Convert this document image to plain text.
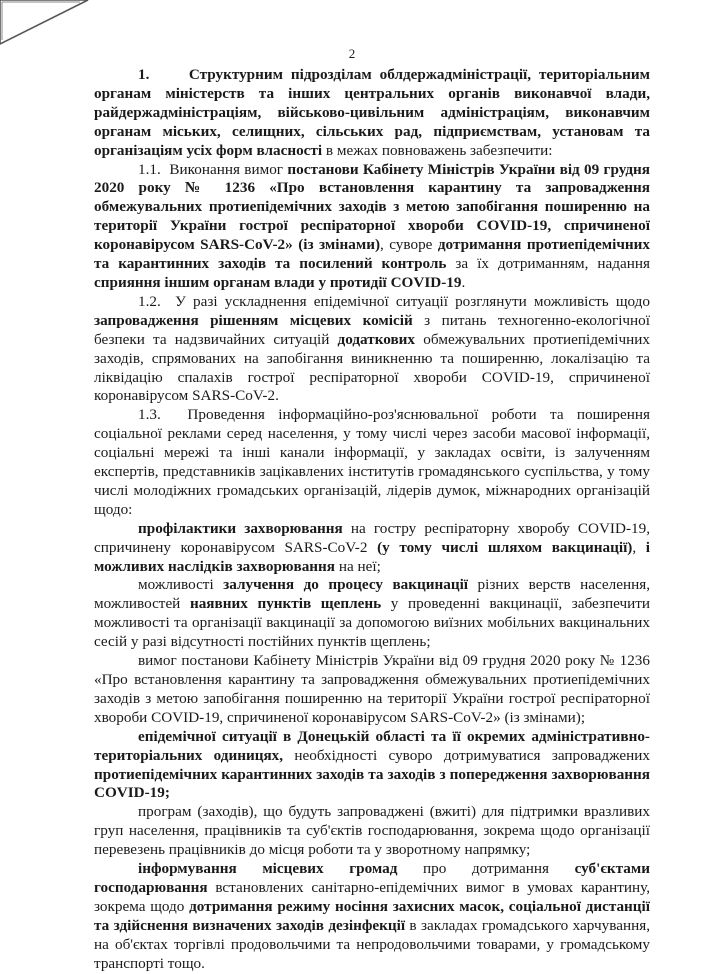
2

1.     Структурним підрозділам облдержадміністрації, територіальним органам міністерств та інших центральних органів виконавчої влади, райдержадміністраціям, військово-цивільним адміністраціям, виконавчим органам міських, селищних, сільських рад, підприємствам, установам та організаціям усіх форм власності в межах повноважень забезпечити:

1.1.  Виконання вимог постанови Кабінету Міністрів України від 09 грудня 2020 року № 1236 «Про встановлення карантину та запровадження обмежувальних протиепідемічних заходів з метою запобігання поширенню на території України гострої респіраторної хвороби COVID-19, спричиненої коронавірусом SARS-CoV-2» (із змінами), суворе дотримання протиепідемічних та карантинних заходів та посилений контроль за їх дотриманням, надання сприяння іншим органам влади у протидії COVID-19.

1.2.  У разі ускладнення епідемічної ситуації розглянути можливість щодо запровадження рішенням місцевих комісій з питань техногенно-екологічної безпеки та надзвичайних ситуацій додаткових обмежувальних протиепідемічних заходів, спрямованих на запобігання виникненню та поширенню, локалізацію та ліквідацію спалахів гострої респіраторної хвороби COVID-19, спричиненої коронавірусом SARS-CoV-2.

1.3.  Проведення інформаційно-роз'яснювальної роботи та поширення соціальної реклами серед населення, у тому числі через засоби масової інформації, соціальні мережі та інші канали інформації, у закладах освіти, із залученням експертів, представників зацікавлених інститутів громадянського суспільства, у тому числі молодіжних громадських організацій, лідерів думок, міжнародних організацій щодо:

профілактики захворювання на гостру респіраторну хворобу COVID-19, спричинену коронавірусом SARS-CoV-2 (у тому числі шляхом вакцинації), і можливих наслідків захворювання на неї;

можливості залучення до процесу вакцинації різних верств населення, можливостей наявних пунктів щеплень у проведенні вакцинації, забезпечити можливості та організації вакцинації за допомогою виїзних мобільних вакцинальних сесій у разі відсутності постійних пунктів щеплень;

вимог постанови Кабінету Міністрів України від 09 грудня 2020 року № 1236 «Про встановлення карантину та запровадження обмежувальних протиепідемічних заходів з метою запобігання поширенню на території України гострої респіраторної хвороби COVID-19, спричиненої коронавірусом SARS-CoV-2» (із змінами);

епідемічної ситуації в Донецькій області та її окремих адміністративно-територіальних одиницях, необхідності суворо дотримуватися запроваджених протиепідемічних карантинних заходів та заходів з попередження захворювання COVID-19;

програм (заходів), що будуть запроваджені (вжиті) для підтримки вразливих груп населення, працівників та суб'єктів господарювання, зокрема щодо організації перевезень працівників до місця роботи та у зворотному напрямку;

інформування місцевих громад про дотримання суб'єктами господарювання встановлених санітарно-епідемічних вимог в умовах карантину, зокрема щодо дотримання режиму носіння захисних масок, соціальної дистанції та здійснення визначених заходів дезінфекції в закладах громадського харчування, на об'єктах торгівлі продовольчими та непродовольчими товарами, у громадському транспорті тощо.
